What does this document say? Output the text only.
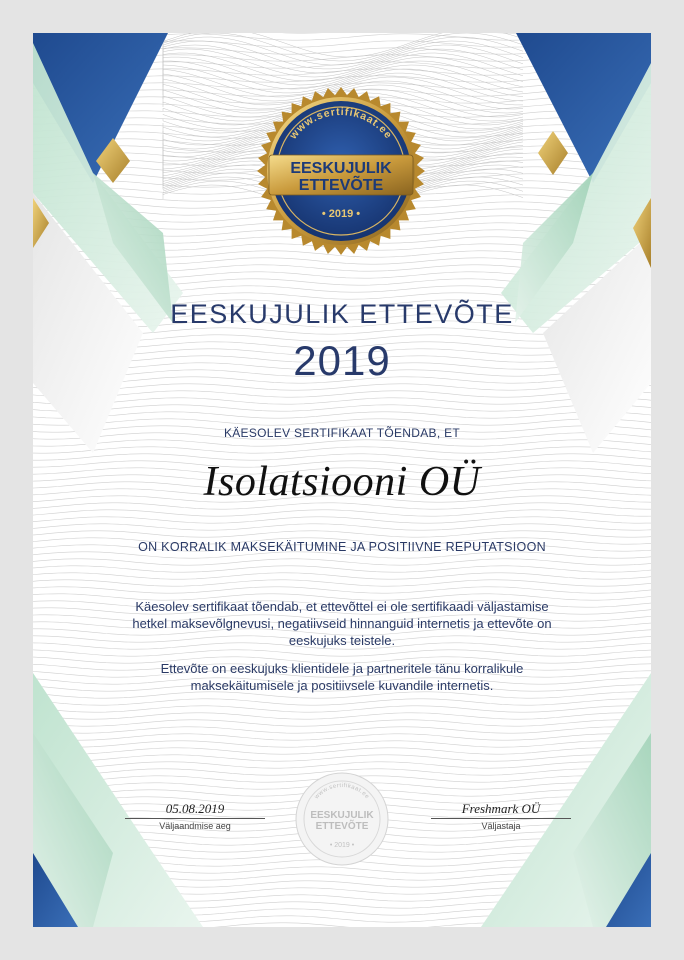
www.sertifikaat.ee
EESKUJULIK
ETTEVÕTE
• 2019 •
EESKUJULIK ETTEVÕTE
2019
KÄESOLEV SERTIFIKAAT TÕENDAB, ET
Isolatsiooni OÜ
ON KORRALIK MAKSEKÄITUMINE JA POSITIIVNE REPUTATSIOON
Käesolev sertifikaat tõendab, et ettevõttel ei ole sertifikaadi väljastamise hetkel maksevõlgnevusi, negatiivseid hinnanguid internetis ja ettevõte on eeskujuks teistele.
Ettevõte on eeskujuks klientidele ja partneritele tänu korralikule maksekäitumisele ja positiivsele kuvandile internetis.
www.sertifikaat.ee
EESKUJULIK
ETTEVÕTE
• 2019 •
05.08.2019
Väljaandmise aeg
Freshmark OÜ
Väljastaja
